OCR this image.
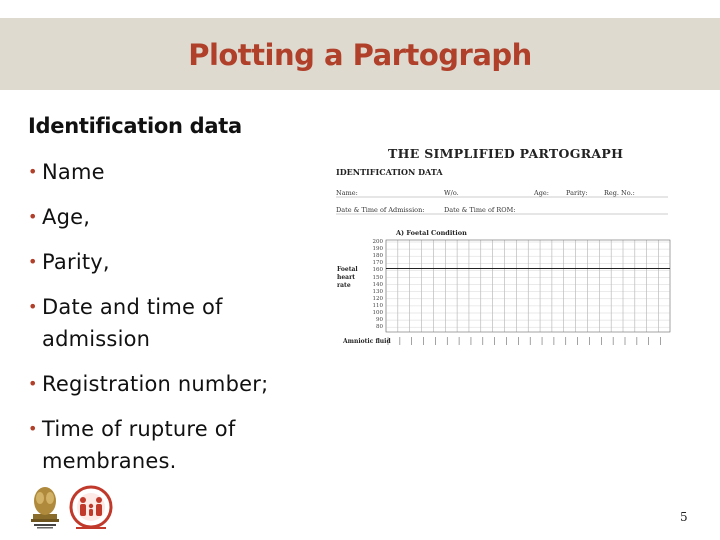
Plotting a Partograph
Identification data
• Name
• Age,
• Parity,
• Date and time of admission
• Registration number;
• Time of rupture of membranes.
THE SIMPLIFIED PARTOGRAPH
IDENTIFICATION DATA
Name:	W/o.	Age:	Parity:	Reg. No.:
Date & Time of Admission:	Date & Time of ROM:
A) Foetal Condition
Foetal heart rate
Amniotic fluid
200
190
180
170
160
150
140
130
120
110
100
90
80
5
